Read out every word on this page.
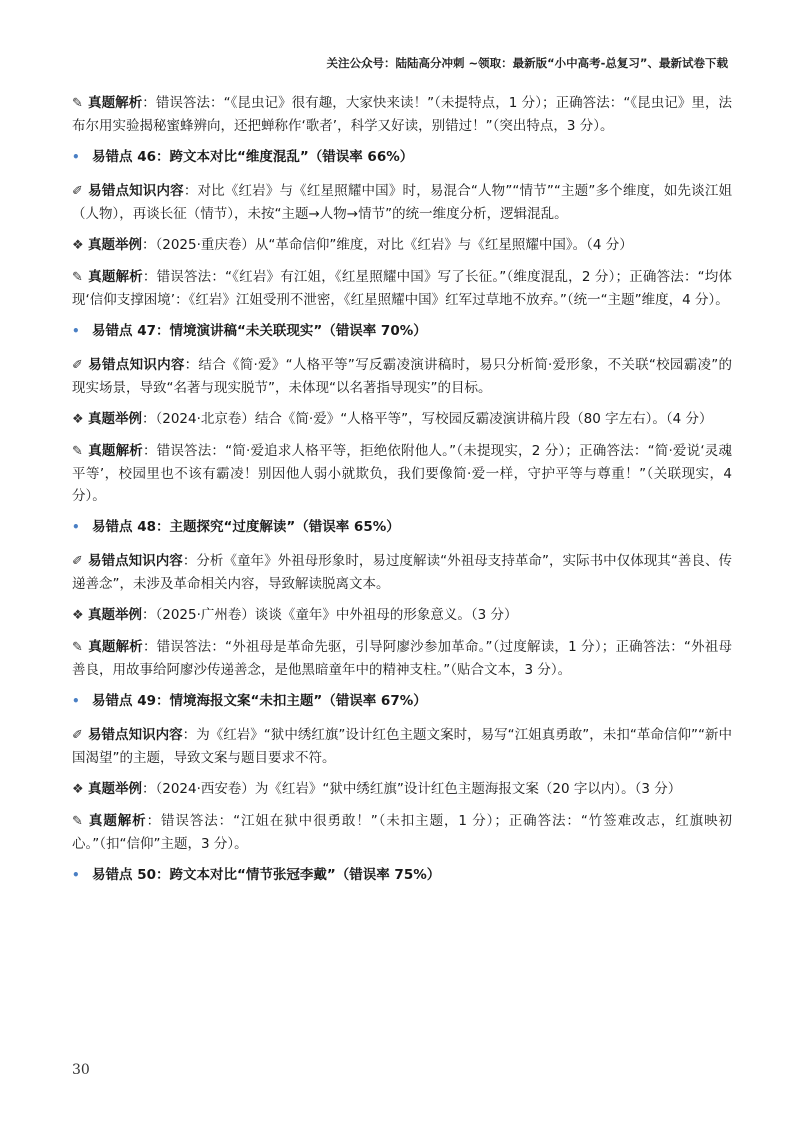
关注公众号：陆陆高分冲刺 ~领取：最新版“小中高考-总复习”、最新试卷下载
✎ 真题解析：错误答法：“《昆虫记》很有趣，大家快来读！”（未提特点，1 分）；正确答法：“《昆虫记》里，法布尔用实验揭秘蜜蜂辨向，还把蝉称作‘歌者’，科学又好读，别错过！”（突出特点，3 分）。
• 易错点 46：跨文本对比“维度混乱”（错误率 66%）
✐ 易错点知识内容：对比《红岩》与《红星照耀中国》时，易混合“人物”“情节”“主题”多个维度，如先谈江姐（人物），再谈长征（情节），未按“主题→人物→情节”的统一维度分析，逻辑混乱。
❖ 真题举例：（2025·重庆卷）从“革命信仰”维度，对比《红岩》与《红星照耀中国》。（4 分）
✎ 真题解析：错误答法：“《红岩》有江姐，《红星照耀中国》写了长征。”（维度混乱，2 分）；正确答法：“均体现‘信仰支撑困境’：《红岩》江姐受刑不泄密，《红星照耀中国》红军过草地不放弃。”（统一“主题”维度，4 分）。
• 易错点 47：情境演讲稿“未关联现实”（错误率 70%）
✐ 易错点知识内容：结合《简·爱》“人格平等”写反霸凌演讲稿时，易只分析简·爱形象，不关联“校园霸凌”的现实场景，导致“名著与现实脱节”，未体现“以名著指导现实”的目标。
❖ 真题举例：（2024·北京卷）结合《简·爱》“人格平等”，写校园反霸凌演讲稿片段（80 字左右）。（4 分）
✎ 真题解析：错误答法：“简·爱追求人格平等，拒绝依附他人。”（未提现实，2 分）；正确答法：“简·爱说‘灵魂平等’，校园里也不该有霸凌！别因他人弱小就欺负，我们要像简·爱一样，守护平等与尊重！”（关联现实，4 分）。
• 易错点 48：主题探究“过度解读”（错误率 65%）
✐ 易错点知识内容：分析《童年》外祖母形象时，易过度解读“外祖母支持革命”，实际书中仅体现其“善良、传递善念”，未涉及革命相关内容，导致解读脱离文本。
❖ 真题举例：（2025·广州卷）谈谈《童年》中外祖母的形象意义。（3 分）
✎ 真题解析：错误答法：“外祖母是革命先驱，引导阿廖沙参加革命。”（过度解读，1 分）；正确答法：“外祖母善良，用故事给阿廖沙传递善念，是他黑暗童年中的精神支柱。”（贴合文本，3 分）。
• 易错点 49：情境海报文案“未扣主题”（错误率 67%）
✐ 易错点知识内容：为《红岩》“狱中绣红旗”设计红色主题文案时，易写“江姐真勇敢”，未扣“革命信仰”“新中国渴望”的主题，导致文案与题目要求不符。
❖ 真题举例：（2024·西安卷）为《红岩》“狱中绣红旗”设计红色主题海报文案（20 字以内）。（3 分）
✎ 真题解析：错误答法：“江姐在狱中很勇敢！”（未扣主题，1 分）；正确答法：“竹签难改志，红旗映初心。”（扣“信仰”主题，3 分）。
• 易错点 50：跨文本对比“情节张冠李戴”（错误率 75%）
30
